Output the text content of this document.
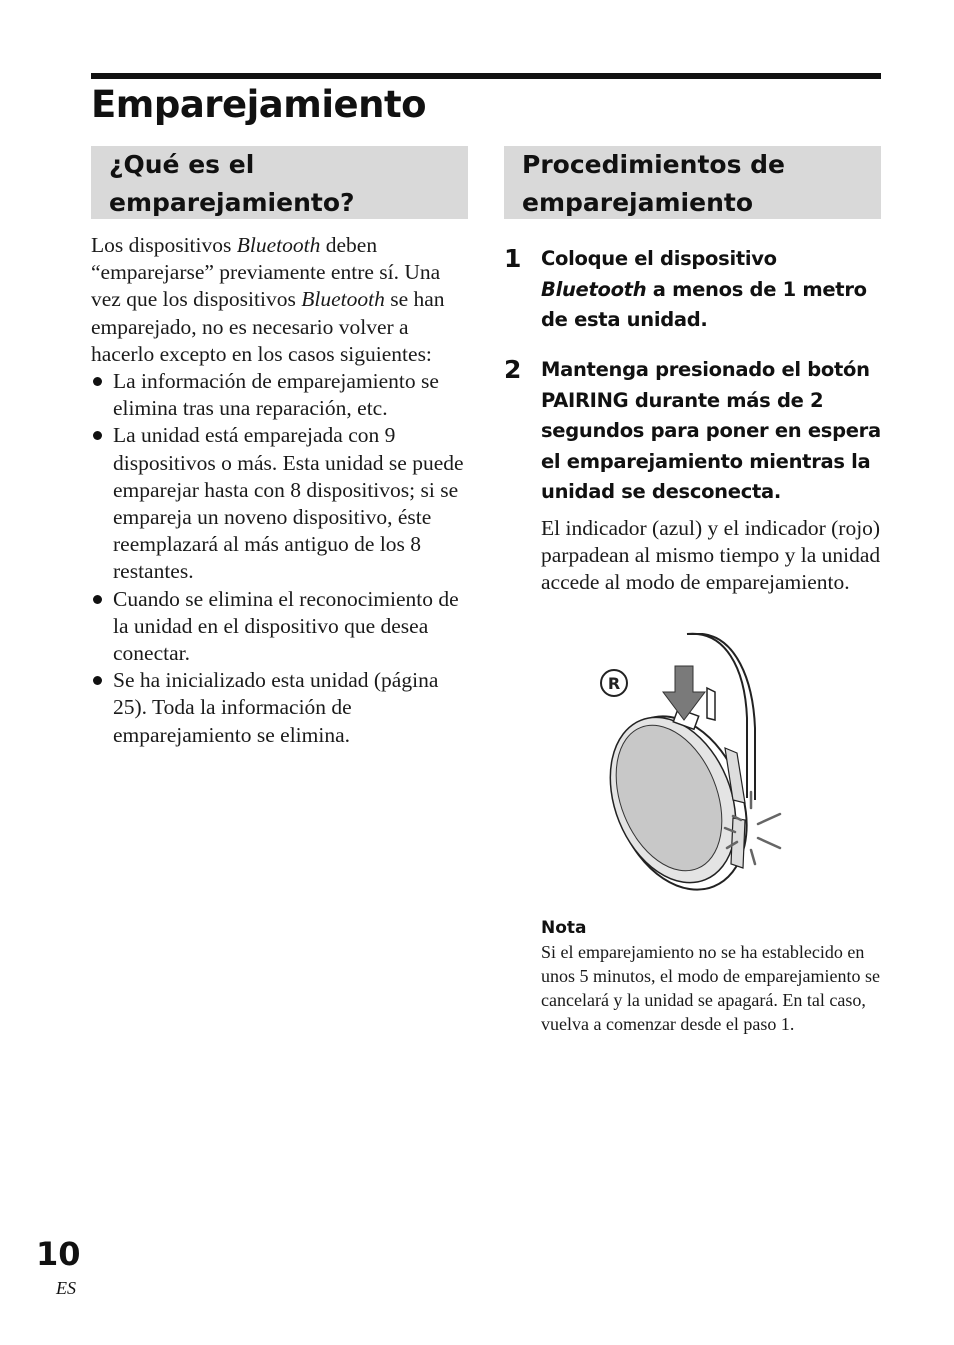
Emparejamiento
¿Qué es el
emparejamiento?

Los dispositivos Bluetooth deben “emparejarse” previamente entre sí. Una vez que los dispositivos Bluetooth se han emparejado, no es necesario volver a hacerlo excepto en los casos siguientes:

La información de emparejamiento se elimina tras una reparación, etc.
La unidad está emparejada con 9 dispositivos o más. Esta unidad se puede emparejar hasta con 8 dispositivos; si se empareja un noveno dispositivo, éste reemplazará al más antiguo de los 8 restantes.
Cuando se elimina el reconocimiento de la unidad en el dispositivo que desea conectar.
Se ha inicializado esta unidad (página 25). Toda la información de emparejamiento se elimina.
Procedimientos de
emparejamiento
1 Coloque el dispositivo Bluetooth a menos de 1 metro de esta unidad.

2 Mantenga presionado el botón PAIRING durante más de 2 segundos para poner en espera el emparejamiento mientras la unidad se desconecta.

El indicador (azul) y el indicador (rojo) parpadean al mismo tiempo y la unidad accede al modo de emparejamiento.

R

Nota

Si el emparejamiento no se ha establecido en unos 5 minutos, el modo de emparejamiento se cancelará y la unidad se apagará. En tal caso, vuelva a comenzar desde el paso 1.

10
ES
